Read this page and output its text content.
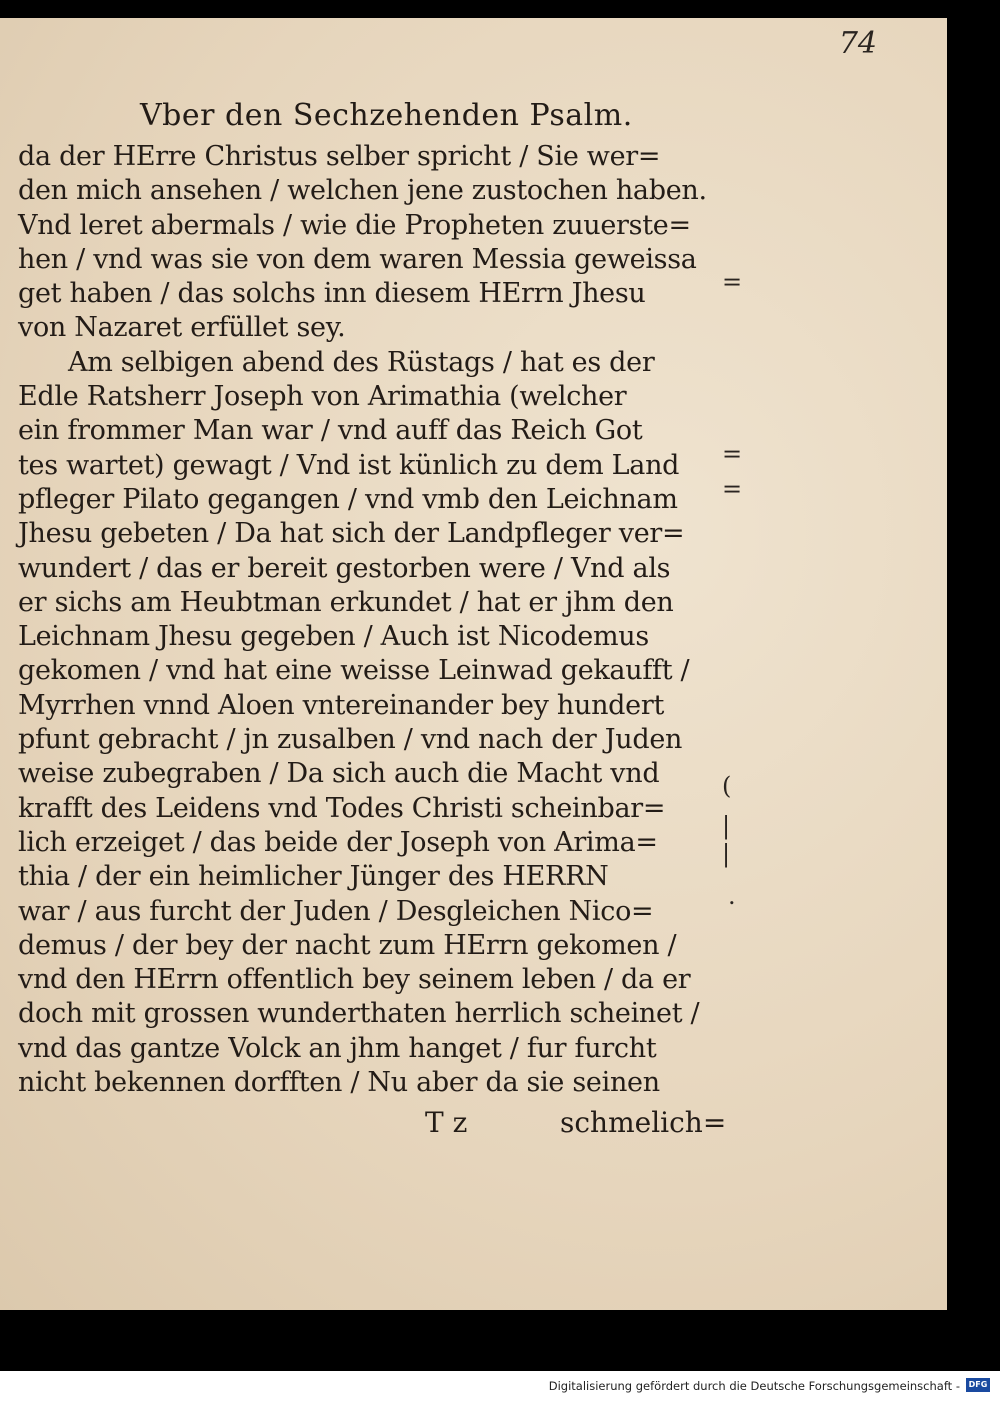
74
Vber den Sechzehenden Psalm.
da der HErre Christus selber spricht / Sie wer=
den mich ansehen / welchen jene zustochen haben.
Vnd leret abermals / wie die Propheten zuuerste=
hen / vnd was sie von dem waren Messia geweissa
get haben / das solchs inn diesem HErrn Jhesu
von Nazaret erfüllet sey.
Am selbigen abend des Rüstags / hat es der
Edle Ratsherr Joseph von Arimathia (welcher
ein frommer Man war / vnd auff das Reich Got
tes wartet) gewagt / Vnd ist künlich zu dem Land
pfleger Pilato gegangen / vnd vmb den Leichnam
Jhesu gebeten / Da hat sich der Landpfleger ver=
wundert / das er bereit gestorben were / Vnd als
er sichs am Heubtman erkundet / hat er jhm den
Leichnam Jhesu gegeben / Auch ist Nicodemus
gekomen / vnd hat eine weisse Leinwad gekaufft /
Myrrhen vnnd Aloen vntereinander bey hundert
pfunt gebracht / jn zusalben / vnd nach der Juden
weise zubegraben / Da sich auch die Macht vnd
krafft des Leidens vnd Todes Christi scheinbar=
lich erzeiget / das beide der Joseph von Arima=
thia / der ein heimlicher Jünger des HERRN
war / aus furcht der Juden / Desgleichen Nico=
demus / der bey der nacht zum HErrn gekomen /
vnd den HErrn offentlich bey seinem leben / da er
doch mit grossen wunderthaten herrlich scheinet /
vnd das gantze Volck an jhm hanget / fur furcht
nicht bekennen dorfften / Nu aber da sie seinen
=
=
=
(
|
|
.
T z	schmelich=
Digitalisierung gefördert durch die Deutsche Forschungsgemeinschaft -	DFG
